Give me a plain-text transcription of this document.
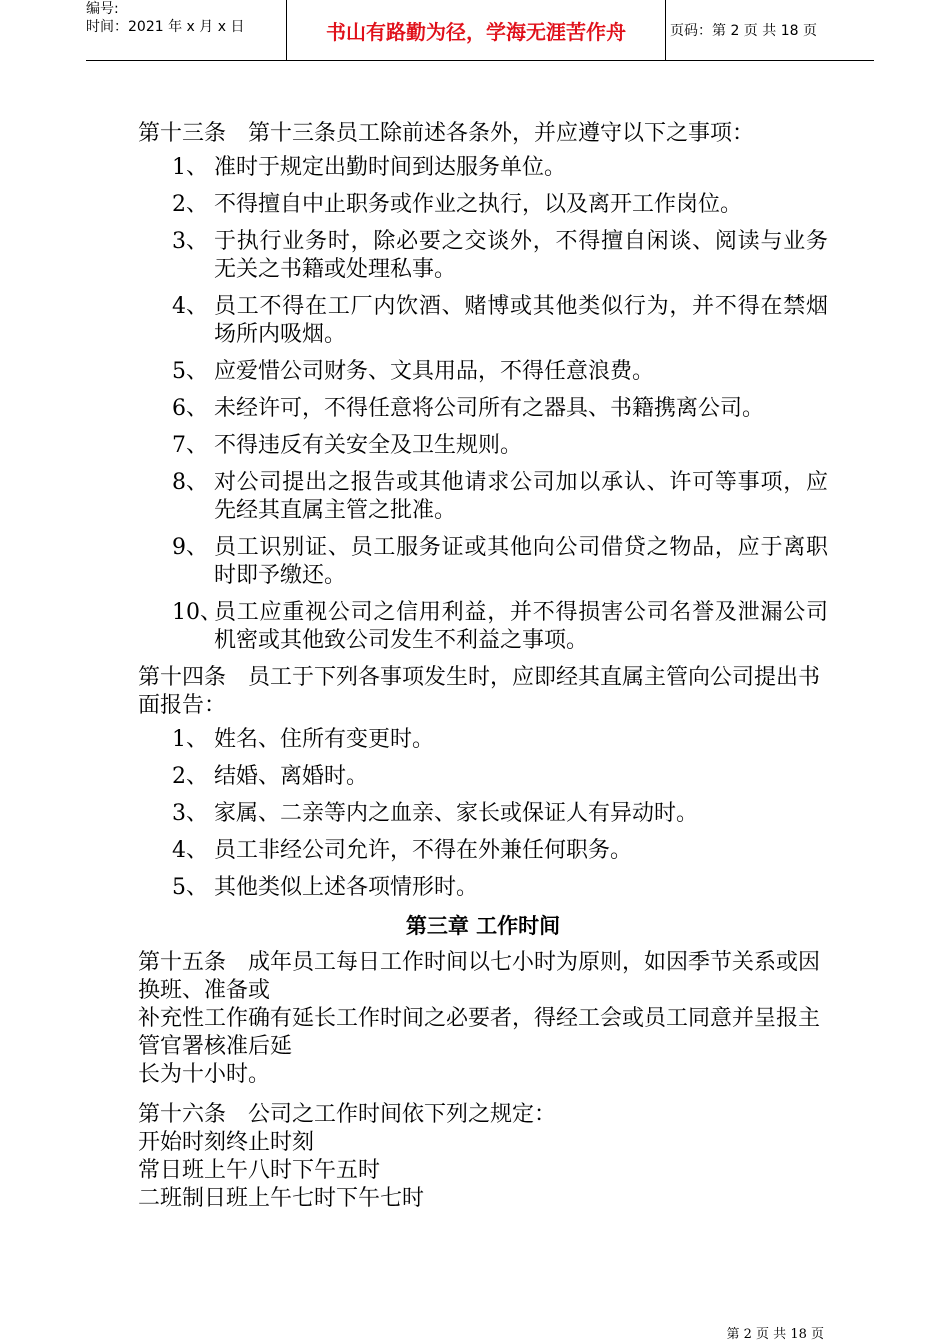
编号:
时间：2021 年 x 月 x 日	书山有路勤为径，学海无涯苦作舟	页码：第 2 页 共 18 页

第十三条　第十三条员工除前述各条外，并应遵守以下之事项：

1、 准时于规定出勤时间到达服务单位。
2、 不得擅自中止职务或作业之执行，以及离开工作岗位。
3、 于执行业务时，除必要之交谈外，不得擅自闲谈、阅读与业务无关之书籍或处理私事。
4、 员工不得在工厂内饮酒、赌博或其他类似行为，并不得在禁烟场所内吸烟。
5、 应爱惜公司财务、文具用品，不得任意浪费。
6、 未经许可，不得任意将公司所有之器具、书籍携离公司。
7、 不得违反有关安全及卫生规则。
8、 对公司提出之报告或其他请求公司加以承认、许可等事项，应先经其直属主管之批准。
9、 员工识别证、员工服务证或其他向公司借贷之物品，应于离职时即予缴还。
10、
员工应重视公司之信用利益，并不得损害公司名誉及泄漏公司机密或其他致公司发生不利益之事项。

第十四条　员工于下列各事项发生时，应即经其直属主管向公司提出书面报告：

1、 姓名、住所有变更时。
2、 结婚、离婚时。
3、 家属、二亲等内之血亲、家长或保证人有异动时。
4、 员工非经公司允许，不得在外兼任何职务。
5、 其他类似上述各项情形时。
第三章 工作时间

第十五条　成年员工每日工作时间以七小时为原则，如因季节关系或因换班、准备或

补充性工作确有延长工作时间之必要者，得经工会或员工同意并呈报主管官署核准后延

长为十小时。

第十六条　公司之工作时间依下列之规定：

开始时刻终止时刻

常日班上午八时下午五时

二班制日班上午七时下午七时

第 2 页 共 18 页
